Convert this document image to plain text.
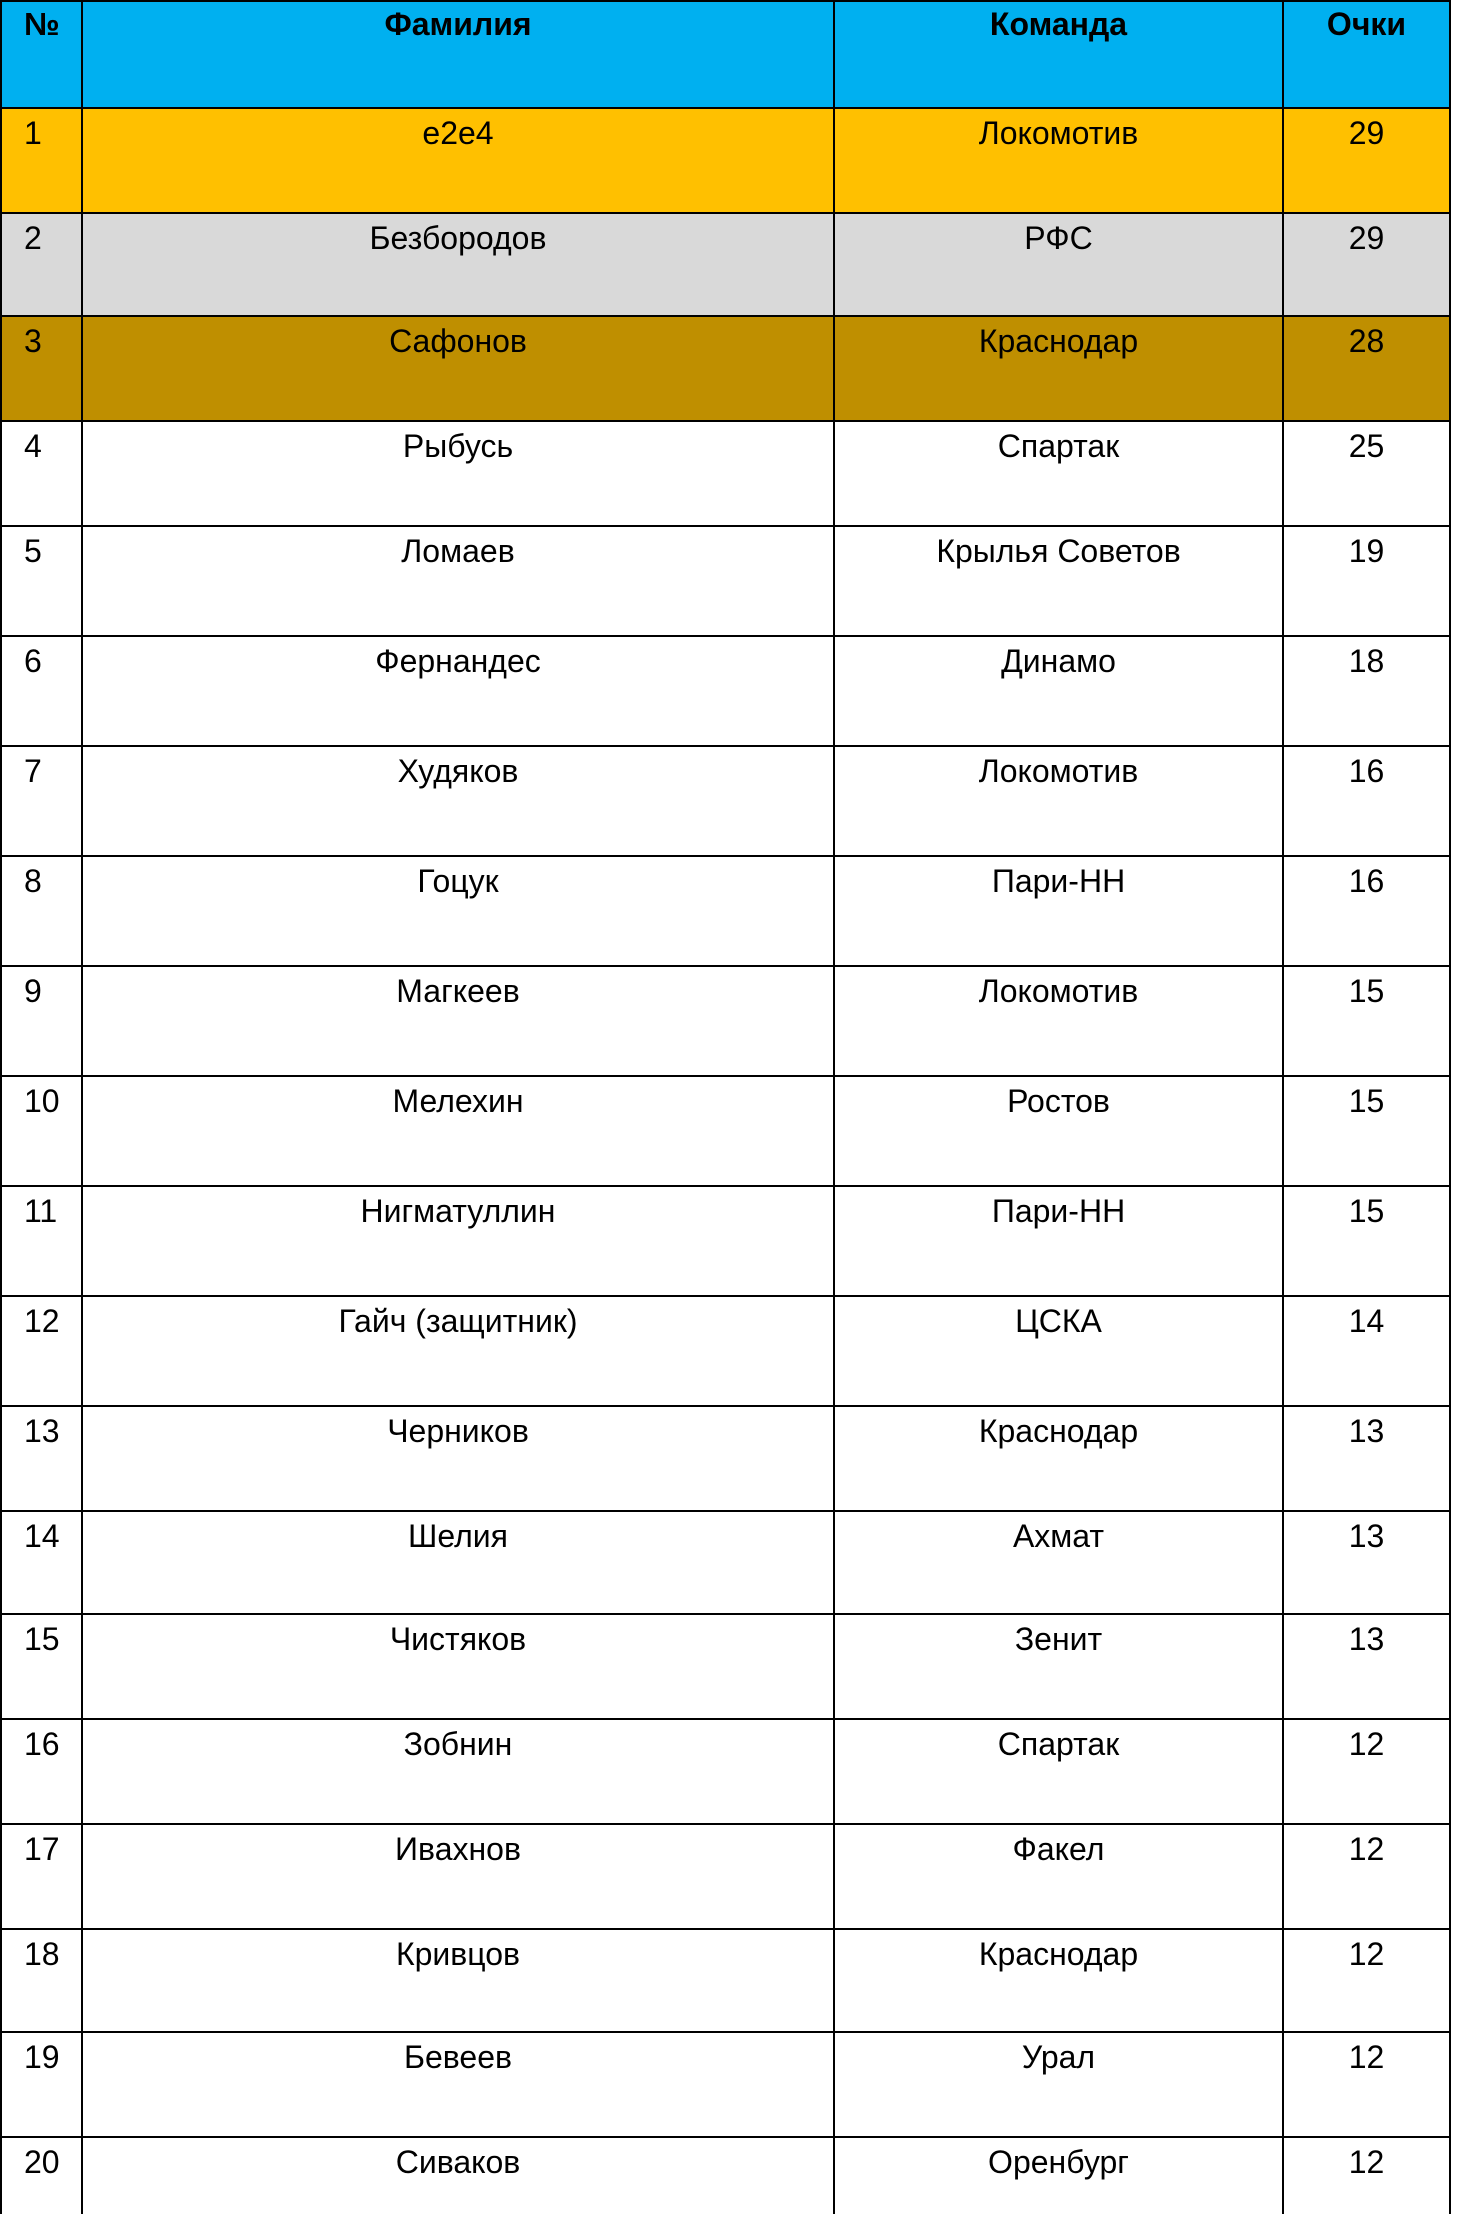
№	Фамилия	Команда	Очки
1	е2е4	Локомотив	29
2	Безбородов	РФС	29
3	Сафонов	Краснодар	28
4	Рыбусь	Спартак	25
5	Ломаев	Крылья Советов	19
6	Фернандес	Динамо	18
7	Худяков	Локомотив	16
8	Гоцук	Пари-НН	16
9	Магкеев	Локомотив	15
10	Мелехин	Ростов	15
11	Нигматуллин	Пари-НН	15
12	Гайч (защитник)	ЦСКА	14
13	Черников	Краснодар	13
14	Шелия	Ахмат	13
15	Чистяков	Зенит	13
16	Зобнин	Спартак	12
17	Ивахнов	Факел	12
18	Кривцов	Краснодар	12
19	Бевеев	Урал	12
20	Сиваков	Оренбург	12
